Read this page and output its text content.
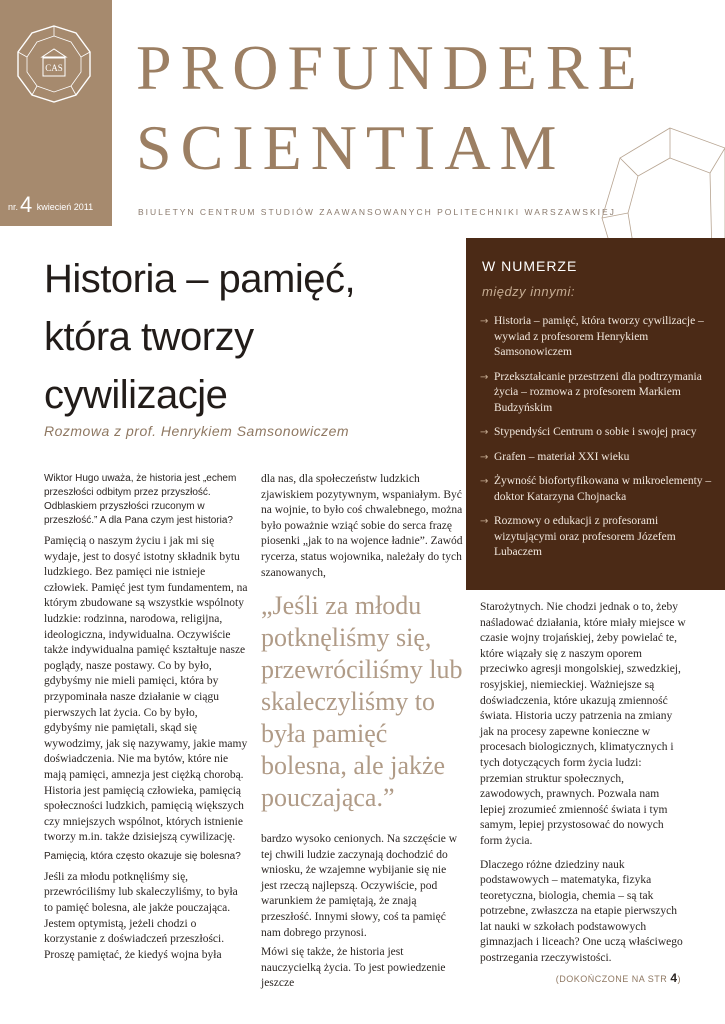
CAS
nr.4 kwiecień 2011
PROFUNDERE
SCIENTIAM
BIULETYN CENTRUM STUDIÓW ZAAWANSOWANYCH POLITECHNIKI WARSZAWSKIEJ
Historia – pamięć,
która tworzy
cywilizacje
Rozmowa z prof. Henrykiem Samsonowiczem
Wiktor Hugo uważa, że historia jest „echem przeszłości odbitym przez przyszłość. Odblaskiem przyszłości rzuconym w przeszłość.” A dla Pana czym jest historia?

Pamięcią o naszym życiu i jak mi się wydaje, jest to dosyć istotny składnik bytu ludzkiego. Bez pamięci nie istnieje człowiek. Pamięć jest tym fundamentem, na którym zbudowane są wszystkie wspólnoty ludzkie: rodzinna, narodowa, religijna, ideologiczna, indywidualna. Oczywiście także indywidualna pamięć kształtuje nasze poglądy, nasze postawy. Co by było, gdybyśmy nie mieli pamięci, która by przypominała nasze działanie w ciągu pierwszych lat życia. Co by było, gdybyśmy nie pamiętali, skąd się wywodzimy, jak się nazywamy, jakie mamy doświadczenia. Nie ma bytów, które nie mają pamięci, amnezja jest ciężką chorobą. Historia jest pamięcią człowieka, pamięcią społeczności ludzkich, pamięcią większych czy mniejszych wspólnot, których istnienie tworzy m.in. także dzisiejszą cywilizację.

Pamięcią, która często okazuje się bolesna?

Jeśli za młodu potknęliśmy się, przewróciliśmy lub skaleczyliśmy, to była to pamięć bolesna, ale jakże pouczająca. Jestem optymistą, jeżeli chodzi o korzystanie z doświadczeń przeszłości. Proszę pamiętać, że kiedyś wojna była

dla nas, dla społeczeństw ludzkich zjawiskiem pozytywnym, wspaniałym. Być na wojnie, to było coś chwalebnego, można było poważnie wziąć sobie do serca frazę piosenki „jak to na wojence ładnie”. Zawód rycerza, status wojownika, należały do tych szanowanych,

„Jeśli za młodu potknęliśmy się, przewróciliśmy lub skaleczyliśmy to była pamięć bolesna, ale jakże pouczająca.”

bardzo wysoko cenionych. Na szczęście w tej chwili ludzie zaczynają dochodzić do wniosku, że wzajemne wybijanie się nie jest rzeczą najlepszą. Oczywiście, pod warunkiem że pamiętają, że znają przeszłość. Innymi słowy, coś ta pamięć nam dobrego przynosi.

Mówi się także, że historia jest nauczycielką życia. To jest powiedzenie jeszcze

W NUMERZE
między innymi:
→ Historia – pamięć, która tworzy cywilizacje – wywiad z profesorem Henrykiem Samsonowiczem
→ Przekształcanie przestrzeni dla podtrzymania życia – rozmowa z profesorem Markiem Budzyńskim
→ Stypendyści Centrum o sobie i swojej pracy
→ Grafen – materiał XXI wieku
→ Żywność biofortyfikowana w mikroelementy – doktor Katarzyna Chojnacka
→ Rozmowy o edukacji z profesorami wizytującymi oraz profesorem Józefem Lubaczem

Starożytnych. Nie chodzi jednak o to, żeby naśladować działania, które miały miejsce w czasie wojny trojańskiej, żeby powielać te, które wiązały się z naszym oporem przeciwko agresji mongolskiej, szwedzkiej, rosyjskiej, niemieckiej. Ważniejsze są doświadczenia, które ukazują zmienność świata. Historia uczy patrzenia na zmiany jak na procesy zapewne konieczne w procesach biologicznych, klimatycznych i tych dotyczących form życia ludzi: przemian struktur społecznych, zawodowych, prawnych. Pozwala nam lepiej zrozumieć zmienność świata i tym samym, lepiej przystosować do nowych form życia.

Dlaczego różne dziedziny nauk podstawowych – matematyka, fizyka teoretyczna, biologia, chemia – są tak potrzebne, zwłaszcza na etapie pierwszych lat nauki w szkołach podstawowych gimnazjach i liceach? One uczą właściwego postrzegania rzeczywistości.

(DOKOŃCZONE NA STR 4)
